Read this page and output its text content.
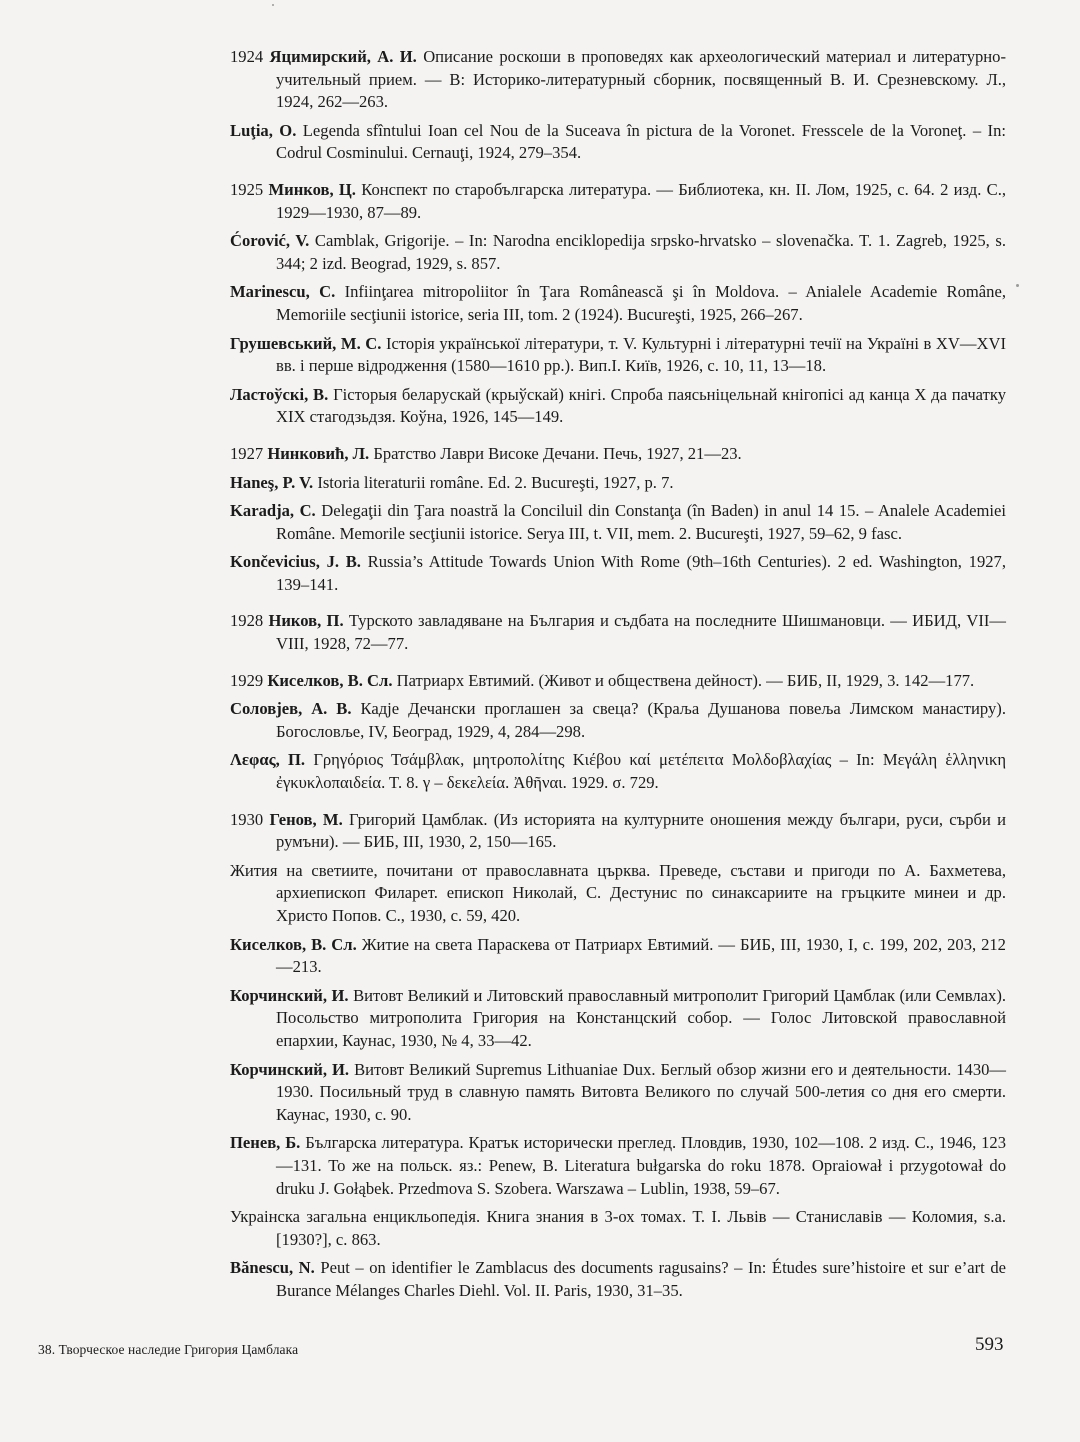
1924 Яцимирский, А. И. Описание роскоши в проповедях как археологический материал и литературно-учительный прием. — В: Историко-литературный сборник, посвященный В. И. Срезневскому. Л., 1924, 262—263.

Luţia, O. Legenda sfîntului Ioan cel Nou de la Suceava în pictura de la Voronet. Fresscele de la Voroneţ. – In: Codrul Cosminului. Cernauţi, 1924, 279–354.

1925 Минков, Ц. Конспект по старобългарска литература. — Библиотека, кн. II. Лом, 1925, с. 64. 2 изд. С., 1929—1930, 87—89.

Ćorović, V. Camblak, Grigorije. – In: Narodna enciklopedija srpsko-hrvatsko – slovenačka. T. 1. Zagreb, 1925, s. 344; 2 izd. Beograd, 1929, s. 857.

Marinescu, C. Infiinţarea mitropoliitor în Ţara Românească şi în Moldova. – Anialele Academie Române, Memoriile secţiunii istorice, seria III, tom. 2 (1924). Bucureşti, 1925, 266–267.

Грушевський, М. С. Історія української літератури, т. V. Культурні і літературні течії на Україні в XV—XVI вв. і перше відродження (1580—1610 рр.). Вип.І. Київ, 1926, с. 10, 11, 13—18.

Ластоўскі, В. Гісторыя беларускай (крыўскай) кнігі. Спроба паясьніцельнай кнігопісі ад канца X да пачатку XIX стагодзьдзя. Коўна, 1926, 145—149.

1927 Нинковић, Л. Братство Лаври Високе Дечани. Печь, 1927, 21—23.

Haneş, P. V. Istoria literaturii române. Ed. 2. Bucureşti, 1927, p. 7.

Karadja, C. Delegaţii din Ţara noastră la Conciluil din Constanţa (în Baden) in anul 14 15. – Analele Academiei Române. Memorile secţiunii istorice. Serya III, t. VII, mem. 2. Bucureşti, 1927, 59–62, 9 fasc.

Končevicius, J. B. Russia’s Attitude Towards Union With Rome (9th–16th Centuries). 2 ed. Washington, 1927, 139–141.

1928 Ников, П. Турското завладяване на България и съдбата на последните Шишмановци. — ИБИД, VII—VIII, 1928, 72—77.

1929 Киселков, В. Сл. Патриарх Евтимий. (Живот и обществена дейност). — БИБ, II, 1929, 3. 142—177.

Соловјев, А. В. Кадје Дечански проглашен за свеца? (Краља Душанова повеља Лимском манастиру). Богословље, IV, Београд, 1929, 4, 284—298.

Λεφας, Π. Γρηγόριος Τσάμβλακ, μητροπολίτης Κιέβου καί μετέπειτα Μολδοβλαχίας – In: Μεγάλη ἑλληνικη ἐγκυκλοπαιδεία. Τ. 8. γ – δεκελεία. Ἀθῆναι. 1929. σ. 729.

1930 Генов, М. Григорий Цамблак. (Из историята на културните оношения между българи, руси, сърби и румъни). — БИБ, III, 1930, 2, 150—165.

Жития на светиите, почитани от православната църква. Преведе, състави и пригоди по А. Бахметева, архиепископ Филарет. епископ Николай, С. Дестунис по синаксариите на гръцките минеи и др. Христо Попов. С., 1930, с. 59, 420.

Киселков, В. Сл. Житие на света Параскева от Патриарх Евтимий. — БИБ, III, 1930, I, с. 199, 202, 203, 212—213.

Корчинский, И. Витовт Великий и Литовский православный митрополит Григорий Цамблак (или Семвлах). Посольство митрополита Григория на Констанцский собор. — Голос Литовской православной епархии, Каунас, 1930, № 4, 33—42.

Корчинский, И. Витовт Великий Supremus Lithuaniae Dux. Беглый обзор жизни его и деятельности. 1430—1930. Посильный труд в славную память Витовта Великого по случай 500-летия со дня его смерти. Каунас, 1930, с. 90.

Пенев, Б. Българска литература. Кратък исторически преглед. Пловдив, 1930, 102—108. 2 изд. С., 1946, 123—131. То же на польск. яз.: Penew, B. Literatura bułgarska do roku 1878. Opraiował i przygotował do druku J. Gołąbek. Przedmova S. Szobera. Warszawa – Lublin, 1938, 59–67.

Украінска загальна енцикльопедія. Книга знания в 3-ох томах. Т. І. Львів — Станиславів — Коломия, s.a.[1930?], с. 863.

Bănescu, N. Peut – on identifier le Zamblacus des documents ragusains? – In: Études sure’histoire et sur e’art de Burance Mélanges Charles Diehl. Vol. II. Paris, 1930, 31–35.

38. Творческое наследие Григория Цамблака	593
